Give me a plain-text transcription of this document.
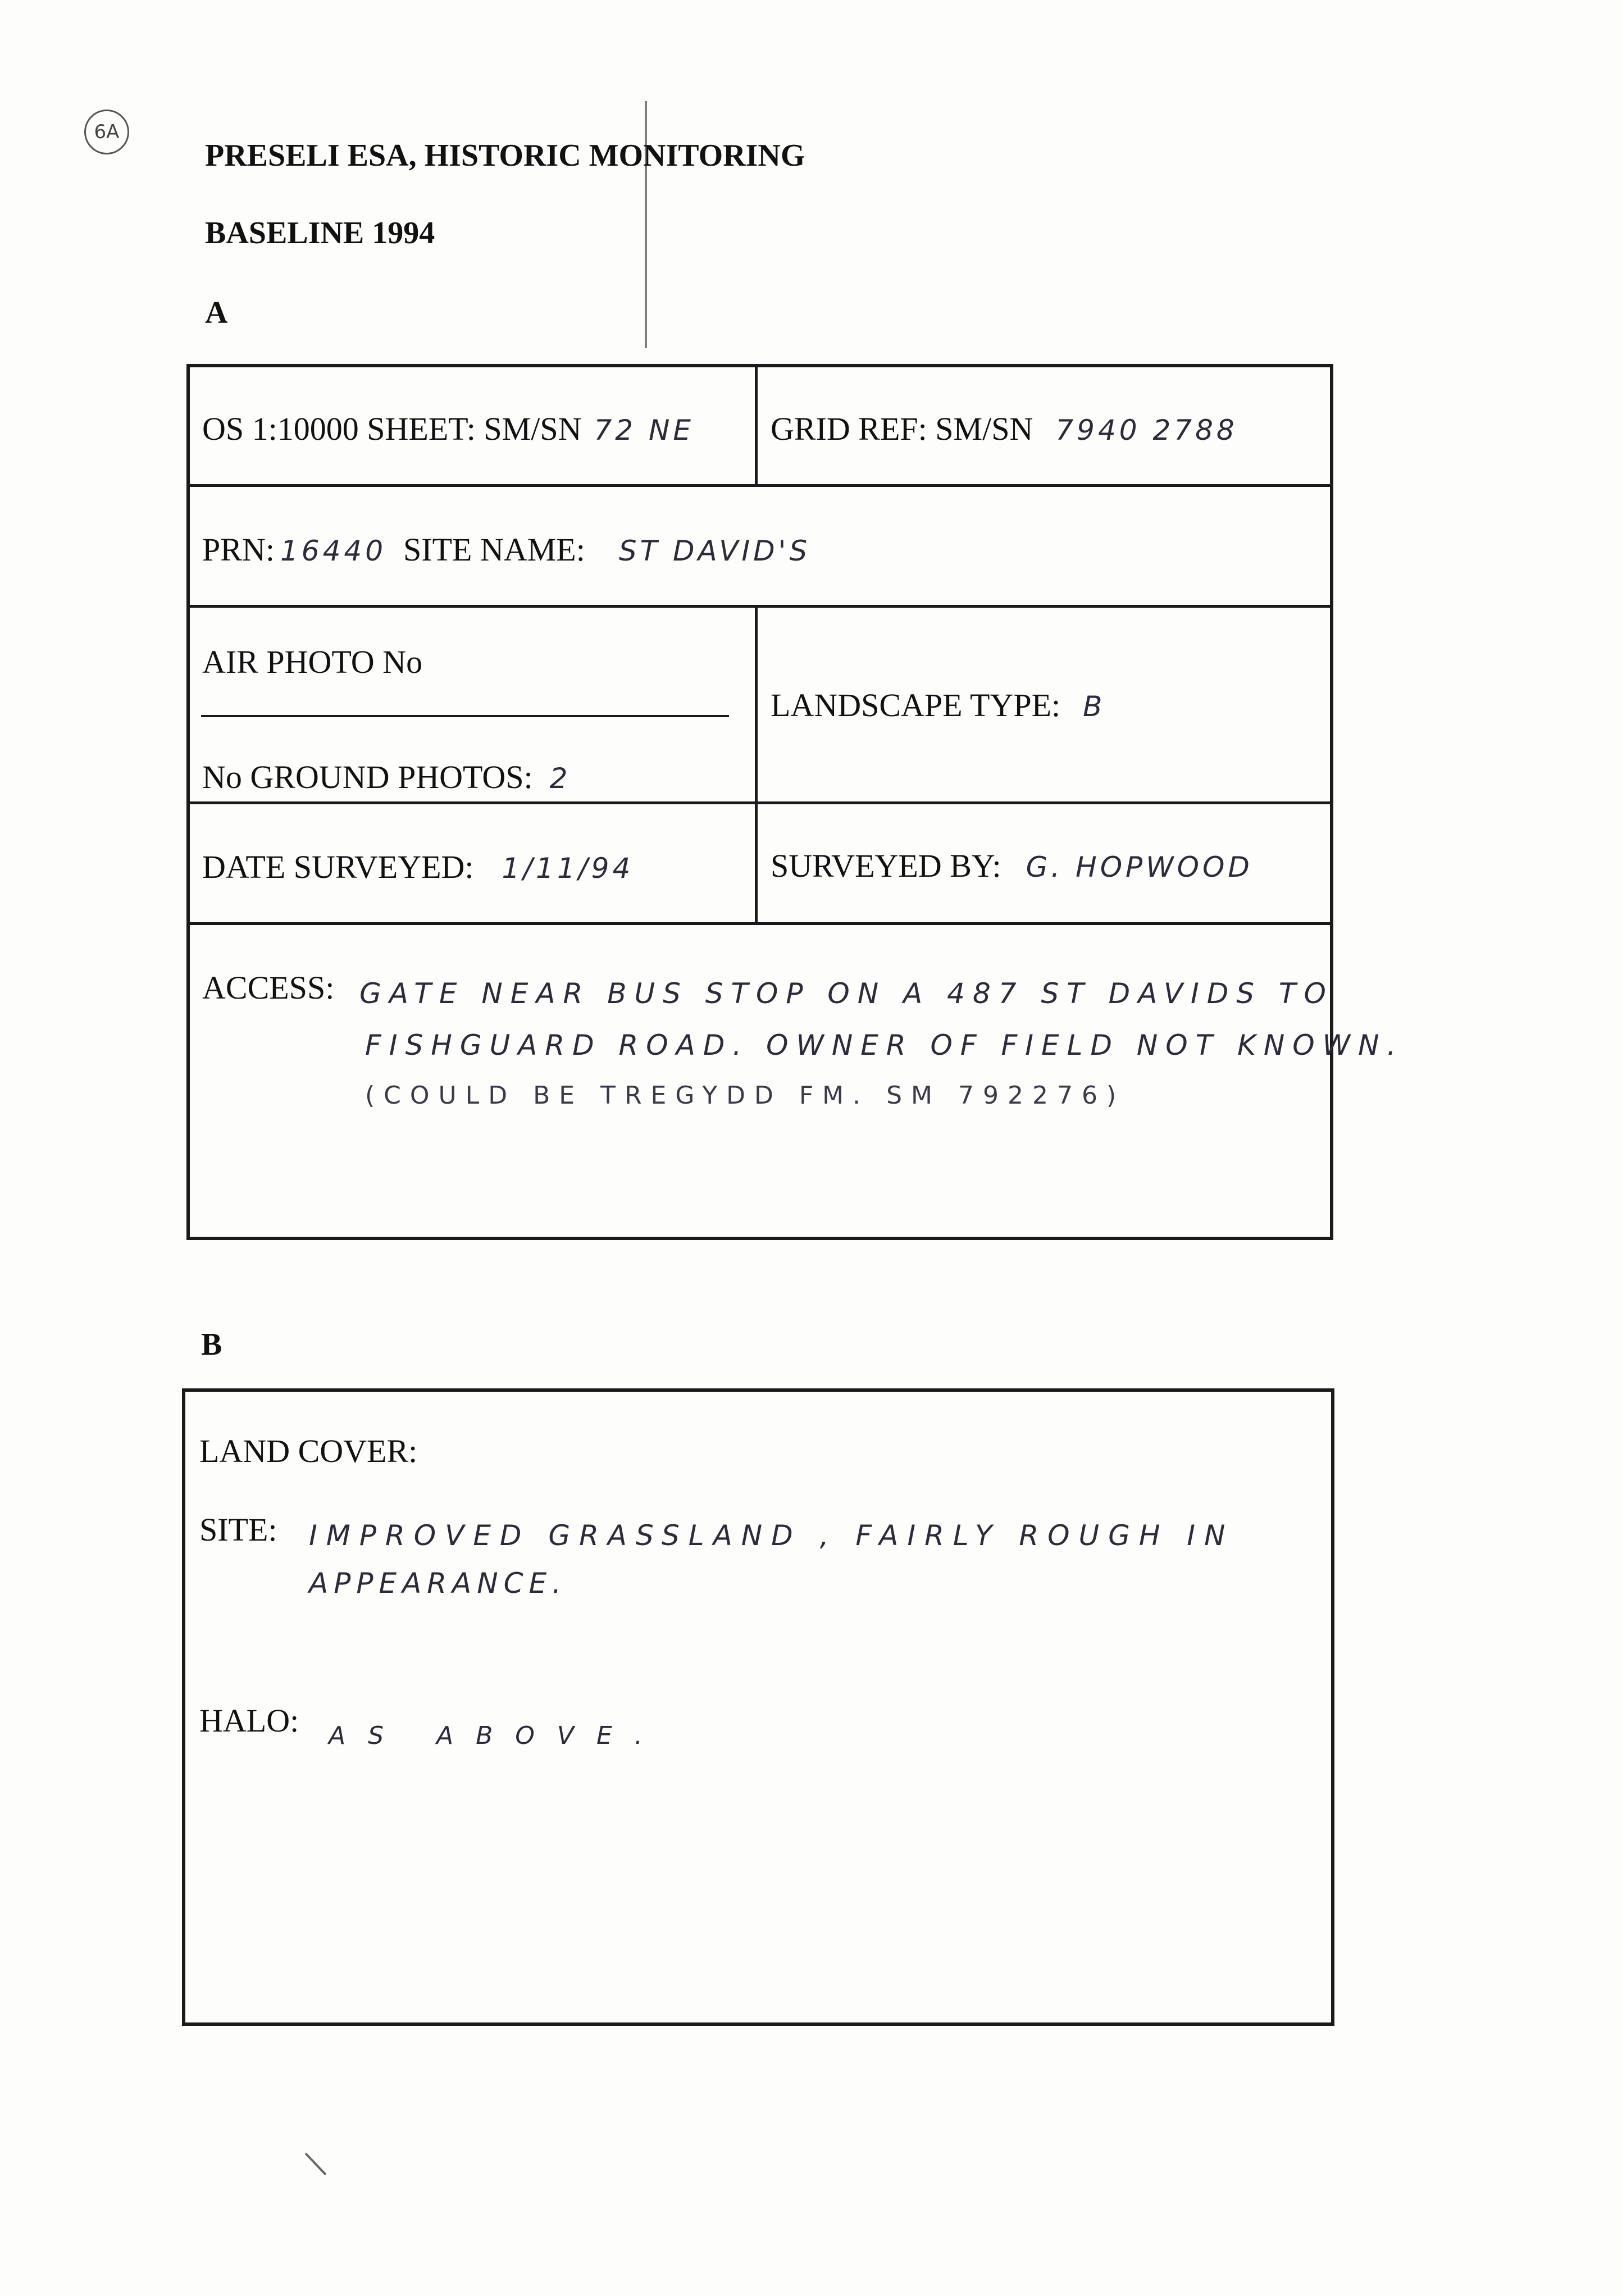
6A
PRESELI ESA, HISTORIC MONITORING
BASELINE 1994
A
OS 1:10000 SHEET: SM/SN 72 NE GRID REF: SM/SN 7940 2788
PRN: 16440 SITE NAME: ST DAVID'S
AIR PHOTO No
No GROUND PHOTOS: 2
LANDSCAPE TYPE: B
DATE SURVEYED: 1/11/94	SURVEYED BY: G. HOPWOOD
ACCESS: GATE NEAR BUS STOP ON A 487 ST DAVIDS TO
FISHGUARD ROAD. OWNER OF FIELD NOT KNOWN.
(COULD BE TREGYDD FM. SM 792276)
B
LAND COVER:
SITE: IMPROVED GRASSLAND , FAIRLY ROUGH IN
APPEARANCE.
HALO: AS ABOVE.
